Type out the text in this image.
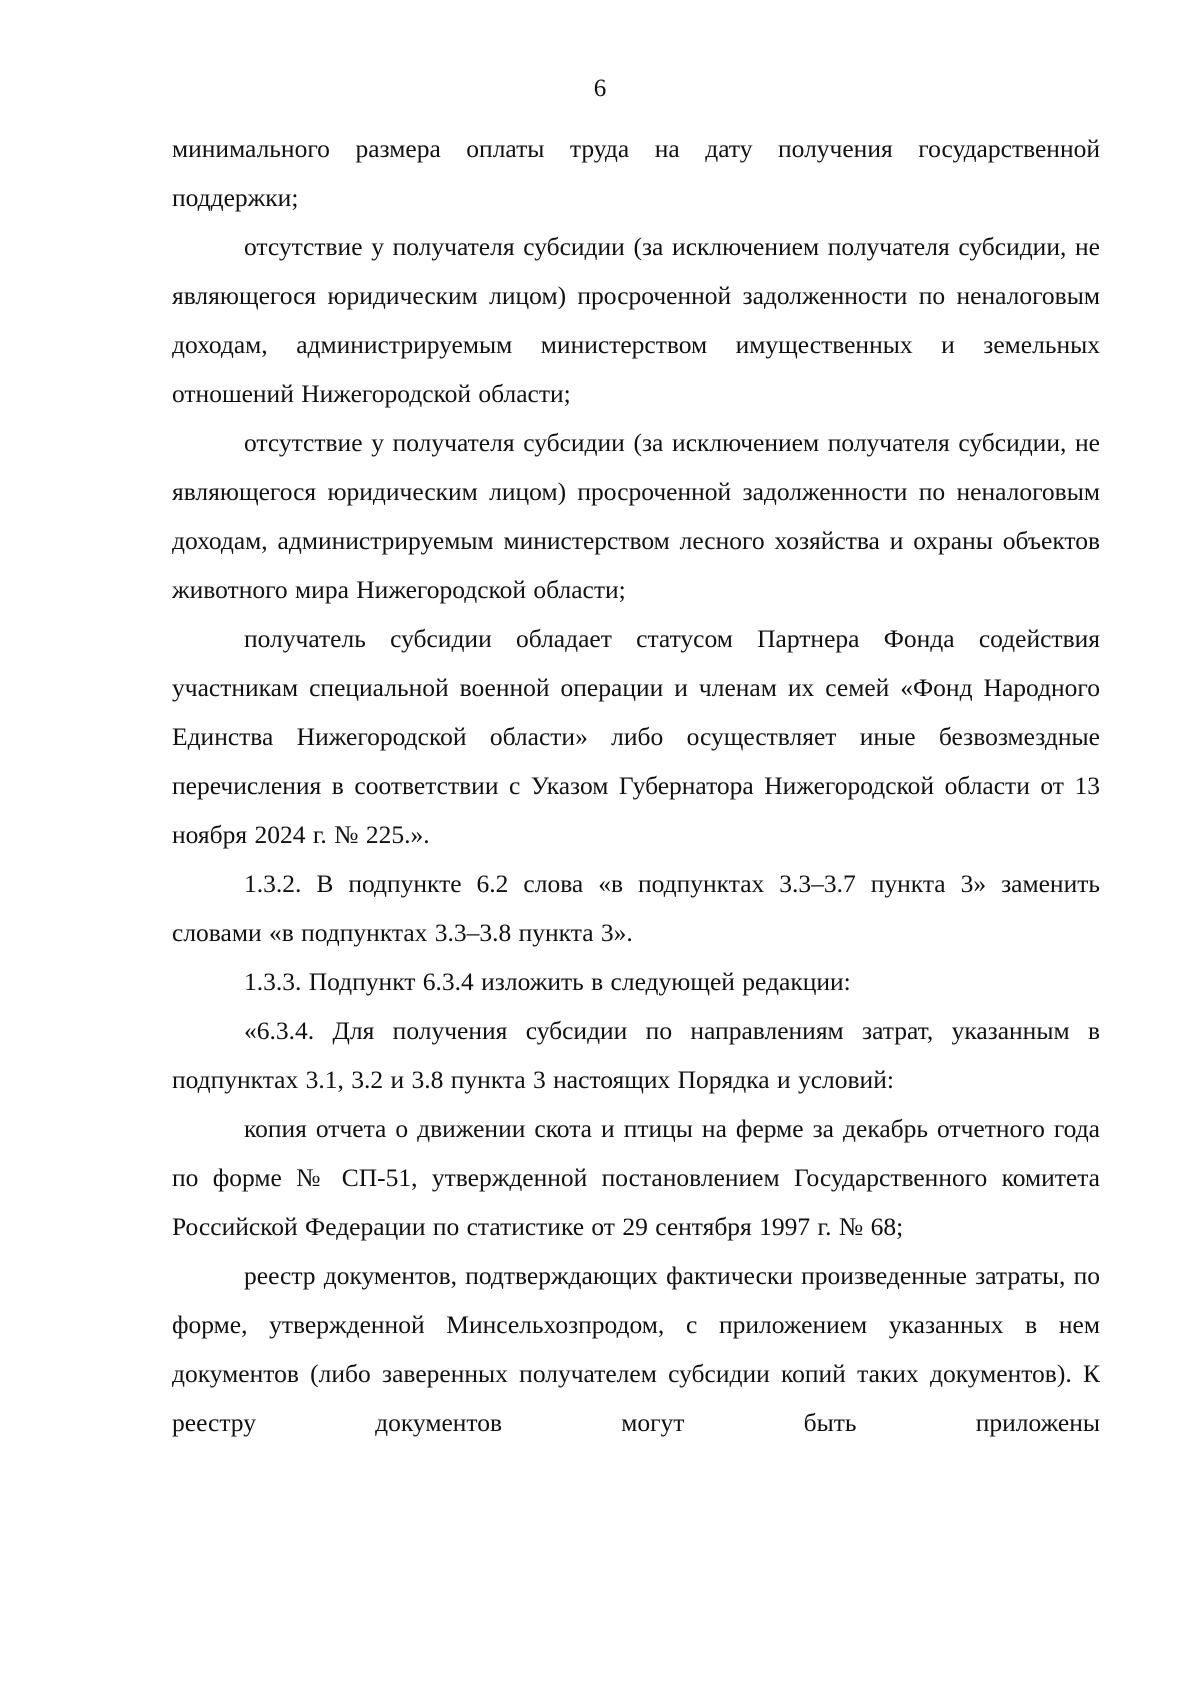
6

минимального размера оплаты труда на дату получения государственной поддержки;

отсутствие у получателя субсидии (за исключением получателя субсидии, не являющегося юридическим лицом) просроченной задолженности по неналоговым доходам, администрируемым министерством имущественных и земельных отношений Нижегородской области;

отсутствие у получателя субсидии (за исключением получателя субсидии, не являющегося юридическим лицом) просроченной задолженности по неналоговым доходам, администрируемым министерством лесного хозяйства и охраны объектов животного мира Нижегородской области;

получатель субсидии обладает статусом Партнера Фонда содействия участникам специальной военной операции и членам их семей «Фонд Народного Единства Нижегородской области» либо осуществляет иные безвозмездные перечисления в соответствии с Указом Губернатора Нижегородской области от 13 ноября 2024 г. № 225.».

1.3.2. В подпункте 6.2 слова «в подпунктах 3.3–3.7 пункта 3» заменить словами «в подпунктах 3.3–3.8 пункта 3».

1.3.3. Подпункт 6.3.4 изложить в следующей редакции:

«6.3.4. Для получения субсидии по направлениям затрат, указанным в подпунктах 3.1, 3.2 и 3.8 пункта 3 настоящих Порядка и условий:

копия отчета о движении скота и птицы на ферме за декабрь отчетного года по форме № СП-51, утвержденной постановлением Государственного комитета Российской Федерации по статистике от 29 сентября 1997 г. № 68;

реестр документов, подтверждающих фактически произведенные затраты, по форме, утвержденной Минсельхозпродом, с приложением указанных в нем документов (либо заверенных получателем субсидии копий таких документов). К реестру документов могут быть приложены
